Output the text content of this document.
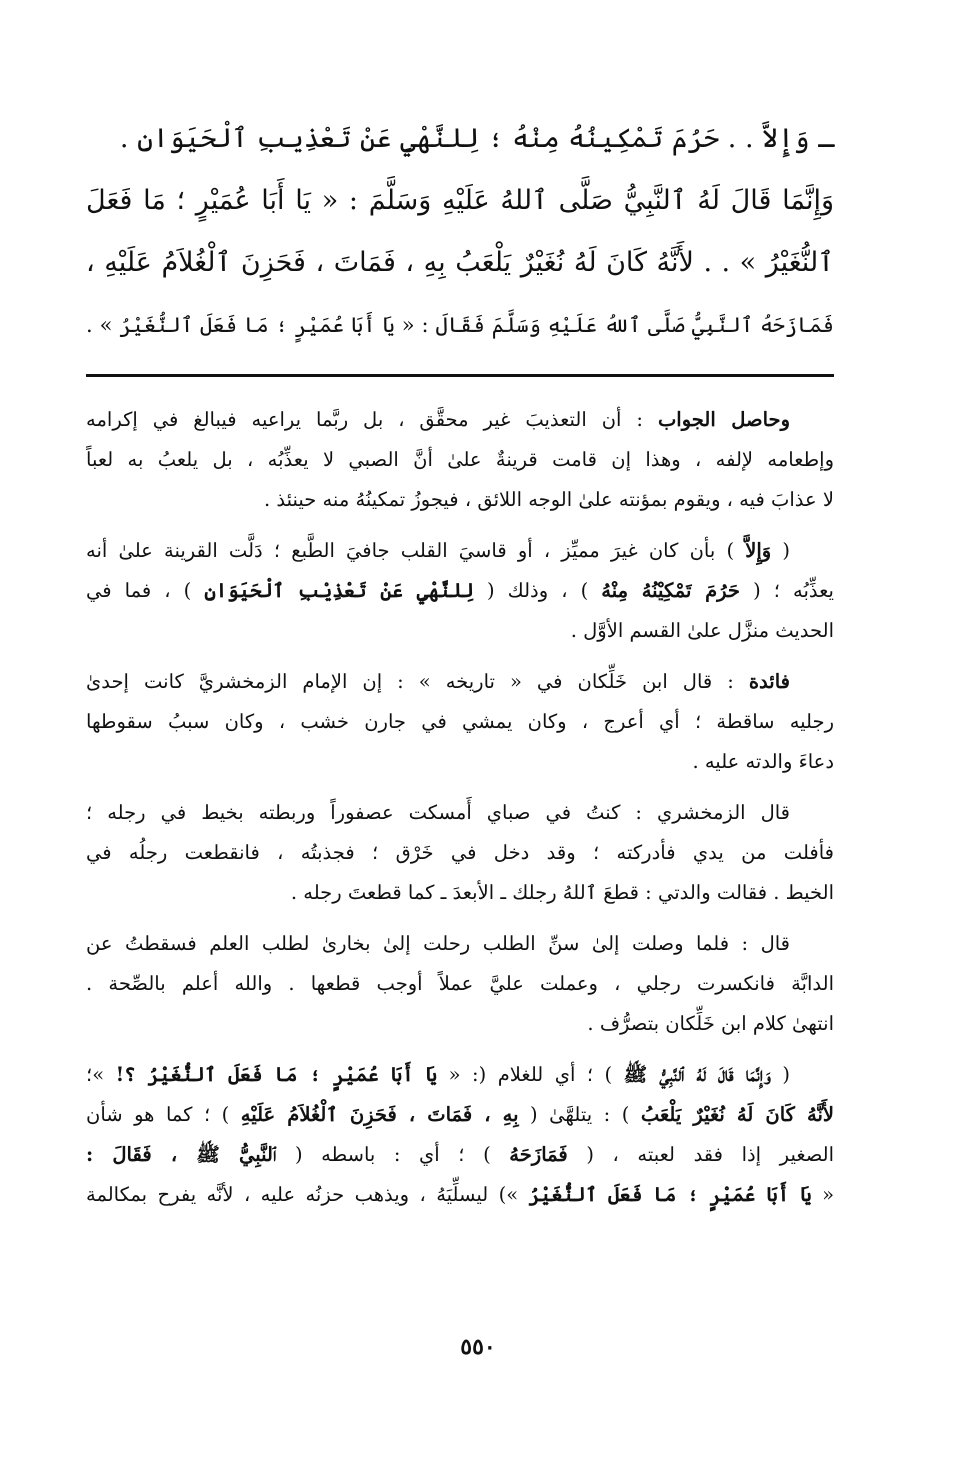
ـ وَإِلاَّ . . حَرُمَ تَمْكِينُهُ مِنْهُ ؛ لِلنَّهْيِ عَنْ تَعْذِيبِ ٱلْحَيَوَانِ .
وَإِنَّمَا قَالَ لَهُ ٱلنَّبِيُّ صَلَّى ٱللهُ عَلَيْهِ وَسَلَّمَ : « يَا أَبَا عُمَيْرٍ ؛ مَا فَعَلَ
ٱلنُّغَيْرُ » . . لأَنَّهُ كَانَ لَهُ نُغَيْرٌ يَلْعَبُ بِهِ ، فَمَاتَ ، فَحَزِنَ ٱلْغُلاَمُ عَلَيْهِ ،
فَمَازَحَهُ ٱلنَّبِيُّ صَلَّى ٱللهُ عَلَيْهِ وَسَلَّمَ فَقَالَ : « يَا أَبَا عُمَيْرٍ ؛ مَا فَعَلَ ٱلنُّغَيْرُ » .

وحاصل الجواب : أن التعذيبَ غير محقَّق ، بل ربَّما يراعيه فيبالغ في إكرامه
وإطعامه لإلفه ، وهذا إن قامت قرينةٌ علىٰ أنَّ الصبي لا يعذِّبُه ، بل يلعبُ به لعباً
لا عذابَ فيه ، ويقوم بمؤنته علىٰ الوجه اللائق ، فيجوزُ تمكينُهُ منه حينئذ .

( وَإِلاَّ ) بأن كان غيرَ مميِّز ، أو قاسيَ القلب جافيَ الطَّبع ؛ دَلَّت القرينة علىٰ أنه
يعذِّبُه ؛ ( حَرُمَ تَمْكِيْنُهُ مِنْهُ ) ، وذلك ( لِلنَّهْيِ عَنْ تَعْذِيْبِ ٱلْحَيَوَانِ ) ، فما في
الحديث منزَّل علىٰ القسم الأوَّل .

فائدة : قال ابن خَلِّكان في « تاريخه » : إن الإمام الزمخشريَّ كانت إحدىٰ
رجليه ساقطة ؛ أي أعرج ، وكان يمشي في جارن خشب ، وكان سببُ سقوطها
دعاءَ والدته عليه .

قال الزمخشري : كنتُ في صباي أَمسكت عصفوراً وربطته بخيط في رجله ؛
فأفلت من يدي فأدركته ؛ وقد دخل في خَرْق ؛ فجذبتُه ، فانقطعت رجلُه في
الخيط . فقالت والدتي : قطعَ ٱللهُ رجلك ـ الأبعدَ ـ كما قطعتَ رجله .

قال : فلما وصلت إلىٰ سنِّ الطلب رحلت إلىٰ بخارىٰ لطلب العلم فسقطتُ عن
الدابَّة فانكسرت رجلي ، وعملت عليَّ عملاً أوجب قطعها . والله أعلم بالصِّحة .
انتهىٰ كلام ابن خَلِّكان بتصرُّف .

( وَإِنَّمَا قَالَ لَهُ ٱلنَّبِيُّ ﷺ ) ؛ أي للغلام (: « يَا أَبَا عُمَيْرٍ ؛ مَا فَعَلَ ٱلنُّغَيْرُ ؟! »؛
لأَنَّهُ كَانَ لَهُ نُغَيْرٌ يَلْعَبُ ) : يتلهَّىٰ ( بِهِ ، فَمَاتَ ، فَحَزِنَ ٱلْغُلاَمُ عَلَيْهِ ) ؛ كما هو شأن
الصغير إذا فقد لعبته ، ( فَمَازَحَهُ ) ؛ أي : باسطه ( ٱلنَّبِيُّ ﷺ ، فَقَالَ :
« يَا أَبَا عُمَيْرٍ ؛ مَا فَعَلَ ٱلنُّغَيْرُ ») ليسلِّيَهُ ، ويذهب حزنُه عليه ، لأنَّه يفرح بمكالمة

٥٥٠
